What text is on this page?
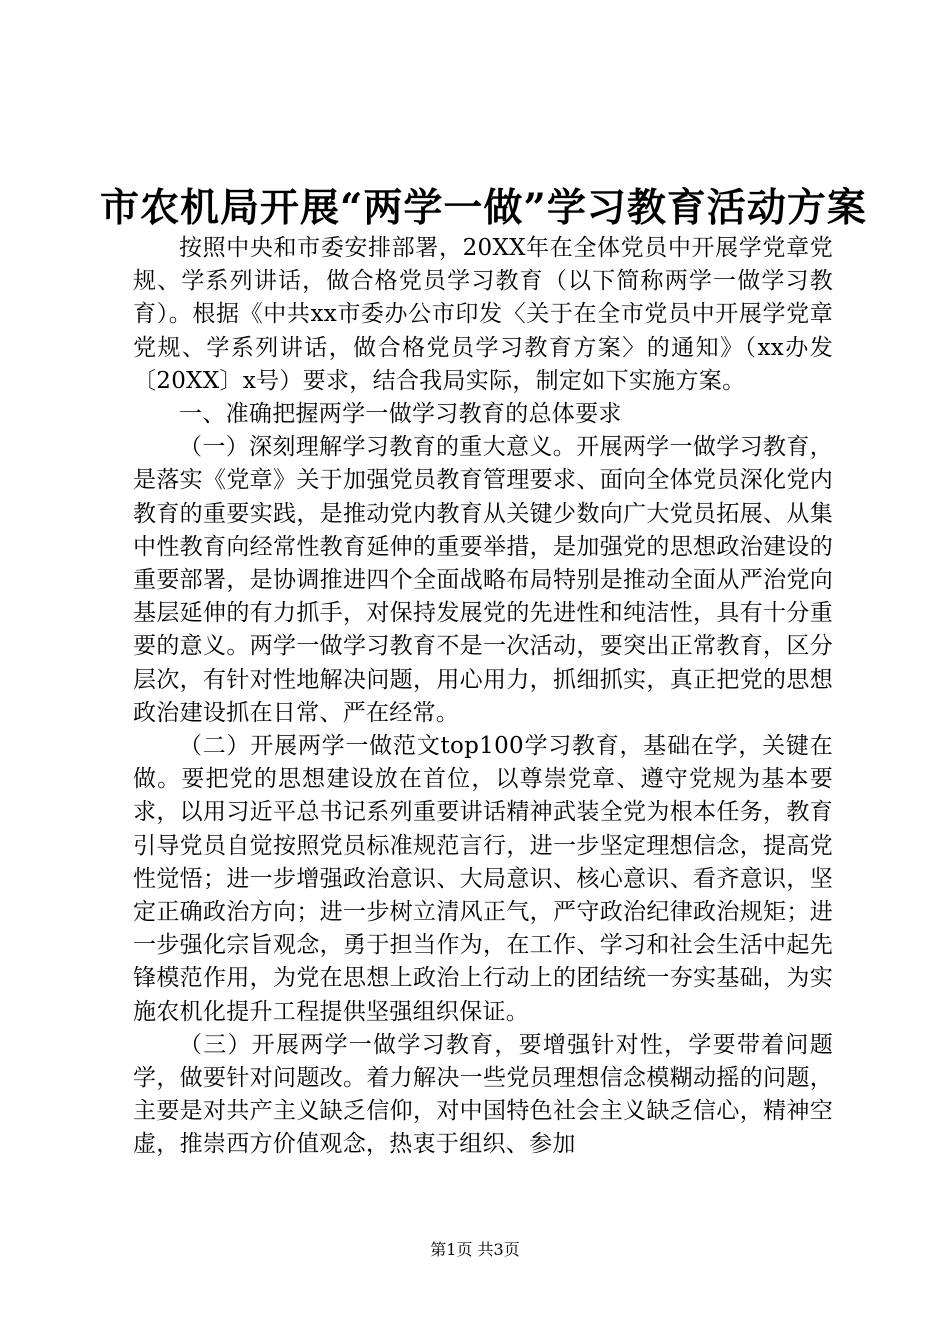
市农机局开展“两学一做”学习教育活动方案

按照中央和市委安排部署，20XX年在全体党员中开展学党章党规、学系列讲话，做合格党员学习教育（以下简称两学一做学习教育）。根据《中共xx市委办公市印发〈关于在全市党员中开展学党章党规、学系列讲话，做合格党员学习教育方案〉的通知》（xx办发〔20XX〕x号）要求，结合我局实际，制定如下实施方案。

一、准确把握两学一做学习教育的总体要求

（一）深刻理解学习教育的重大意义。开展两学一做学习教育，是落实《党章》关于加强党员教育管理要求、面向全体党员深化党内教育的重要实践，是推动党内教育从关键少数向广大党员拓展、从集中性教育向经常性教育延伸的重要举措，是加强党的思想政治建设的重要部署，是协调推进四个全面战略布局特别是推动全面从严治党向基层延伸的有力抓手，对保持发展党的先进性和纯洁性，具有十分重要的意义。两学一做学习教育不是一次活动，要突出正常教育，区分层次，有针对性地解决问题，用心用力，抓细抓实，真正把党的思想政治建设抓在日常、严在经常。

（二）开展两学一做范文top100学习教育，基础在学，关键在做。要把党的思想建设放在首位，以尊崇党章、遵守党规为基本要求，以用习近平总书记系列重要讲话精神武装全党为根本任务，教育引导党员自觉按照党员标准规范言行，进一步坚定理想信念，提高党性觉悟；进一步增强政治意识、大局意识、核心意识、看齐意识，坚定正确政治方向；进一步树立清风正气，严守政治纪律政治规矩；进一步强化宗旨观念，勇于担当作为，在工作、学习和社会生活中起先锋模范作用，为党在思想上政治上行动上的团结统一夯实基础，为实施农机化提升工程提供坚强组织保证。

（三）开展两学一做学习教育，要增强针对性，学要带着问题学，做要针对问题改。着力解决一些党员理想信念模糊动摇的问题，主要是对共产主义缺乏信仰，对中国特色社会主义缺乏信心，精神空虚，推崇西方价值观念，热衷于组织、参加

第1页 共3页
